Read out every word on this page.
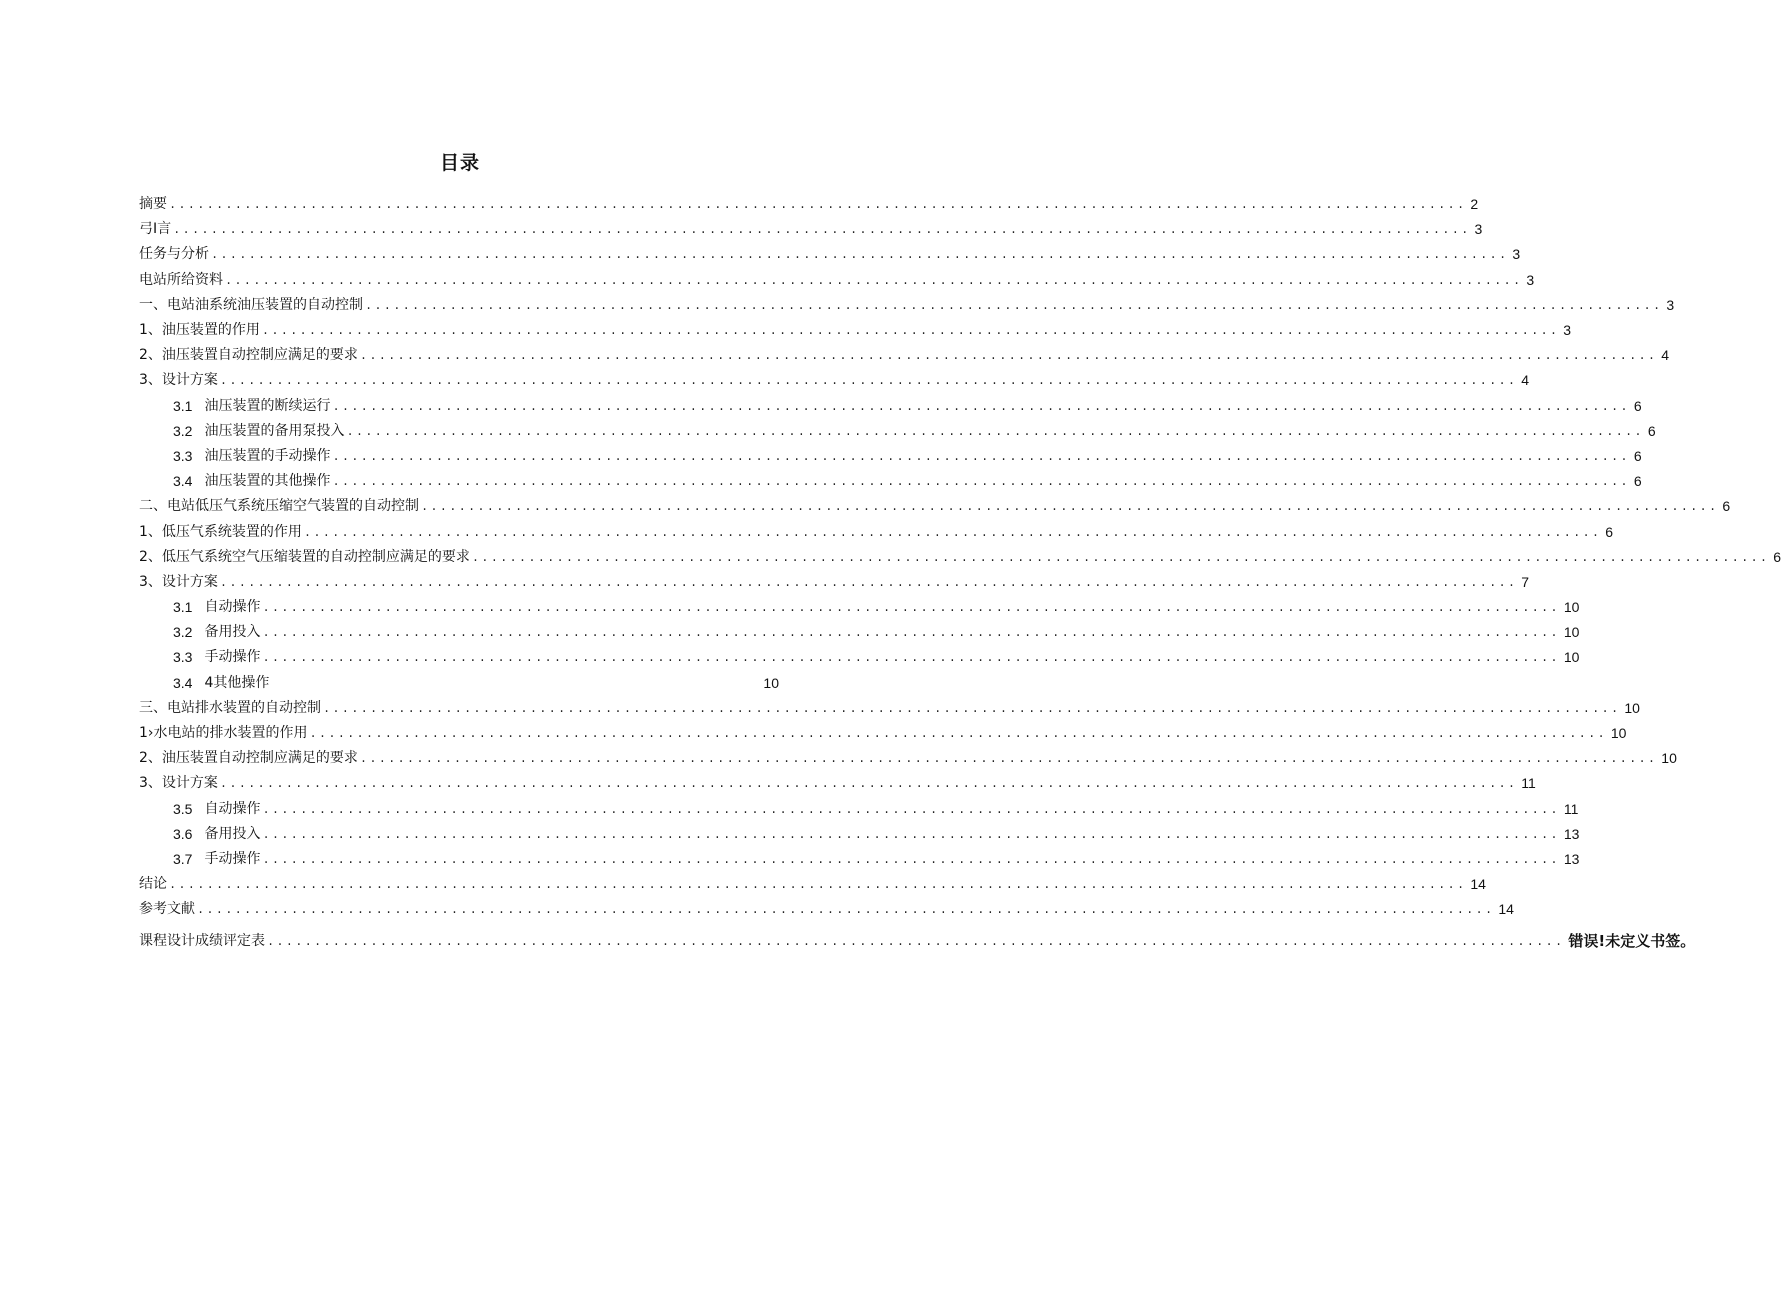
目录
摘要 .......................................................................................................................................... 2
弓I言 .......................................................................................................................................... 3
任务与分析 .......................................................................................................................................... 3
电站所给资料 .......................................................................................................................................... 3
一、电站油系统油压装置的自动控制 .......................................................................................................................................... 3
1、油压装置的作用 .......................................................................................................................................... 3
2、油压装置自动控制应满足的要求 .......................................................................................................................................... 4
3、设计方案 .......................................................................................................................................... 4
3.1 油压装置的断续运行 .......................................................................................................................................... 6
3.2 油压装置的备用泵投入 .......................................................................................................................................... 6
3.3 油压装置的手动操作 .......................................................................................................................................... 6
3.4 油压装置的其他操作 .......................................................................................................................................... 6
二、电站低压气系统压缩空气装置的自动控制 .......................................................................................................................................... 6
1、低压气系统装置的作用 .......................................................................................................................................... 6
2、低压气系统空气压缩装置的自动控制应满足的要求 .......................................................................................................................................... 6
3、设计方案 .......................................................................................................................................... 7
3.1 自动操作 .......................................................................................................................................... 10
3.2 备用投入 .......................................................................................................................................... 10
3.3 手动操作 .......................................................................................................................................... 10
3.4 4其他操作	10
三、电站排水装置的自动控制 .......................................................................................................................................... 10
1›水电站的排水装置的作用 .......................................................................................................................................... 10
2、油压装置自动控制应满足的要求 .......................................................................................................................................... 10
3、设计方案 .......................................................................................................................................... 11
3.5 自动操作 .......................................................................................................................................... 11
3.6 备用投入 .......................................................................................................................................... 13
3.7 手动操作 .......................................................................................................................................... 13
结论 .......................................................................................................................................... 14
参考文献 .......................................................................................................................................... 14
课程设计成绩评定表 .......................................................................................................................................... 错误!未定义书签。
